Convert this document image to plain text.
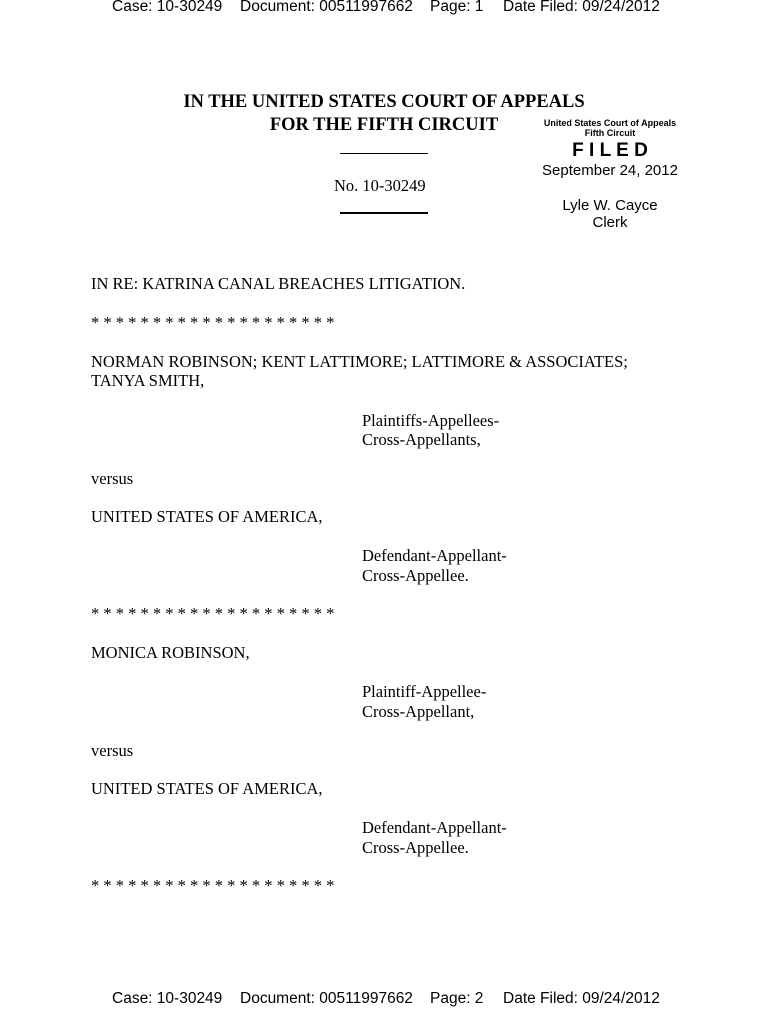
Case: 10-30249 Document: 00511997662 Page: 1 Date Filed: 09/24/2012
IN THE UNITED STATES COURT OF APPEALS
FOR THE FIFTH CIRCUIT
No. 10-30249
United States Court of Appeals
Fifth Circuit
F I L E D
September 24, 2012
Lyle W. Cayce
Clerk
IN RE: KATRINA CANAL BREACHES LITIGATION.
* * * * * * * * * * * * * * * * * * * *
NORMAN ROBINSON; KENT LATTIMORE; LATTIMORE & ASSOCIATES;
TANYA SMITH,
Plaintiffs-Appellees-
Cross-Appellants,
versus
UNITED STATES OF AMERICA,
Defendant-Appellant-
Cross-Appellee.
* * * * * * * * * * * * * * * * * * * *
MONICA ROBINSON,
Plaintiff-Appellee-
Cross-Appellant,
versus
UNITED STATES OF AMERICA,
Defendant-Appellant-
Cross-Appellee.
* * * * * * * * * * * * * * * * * * * *
Case: 10-30249 Document: 00511997662 Page: 2 Date Filed: 09/24/2012
